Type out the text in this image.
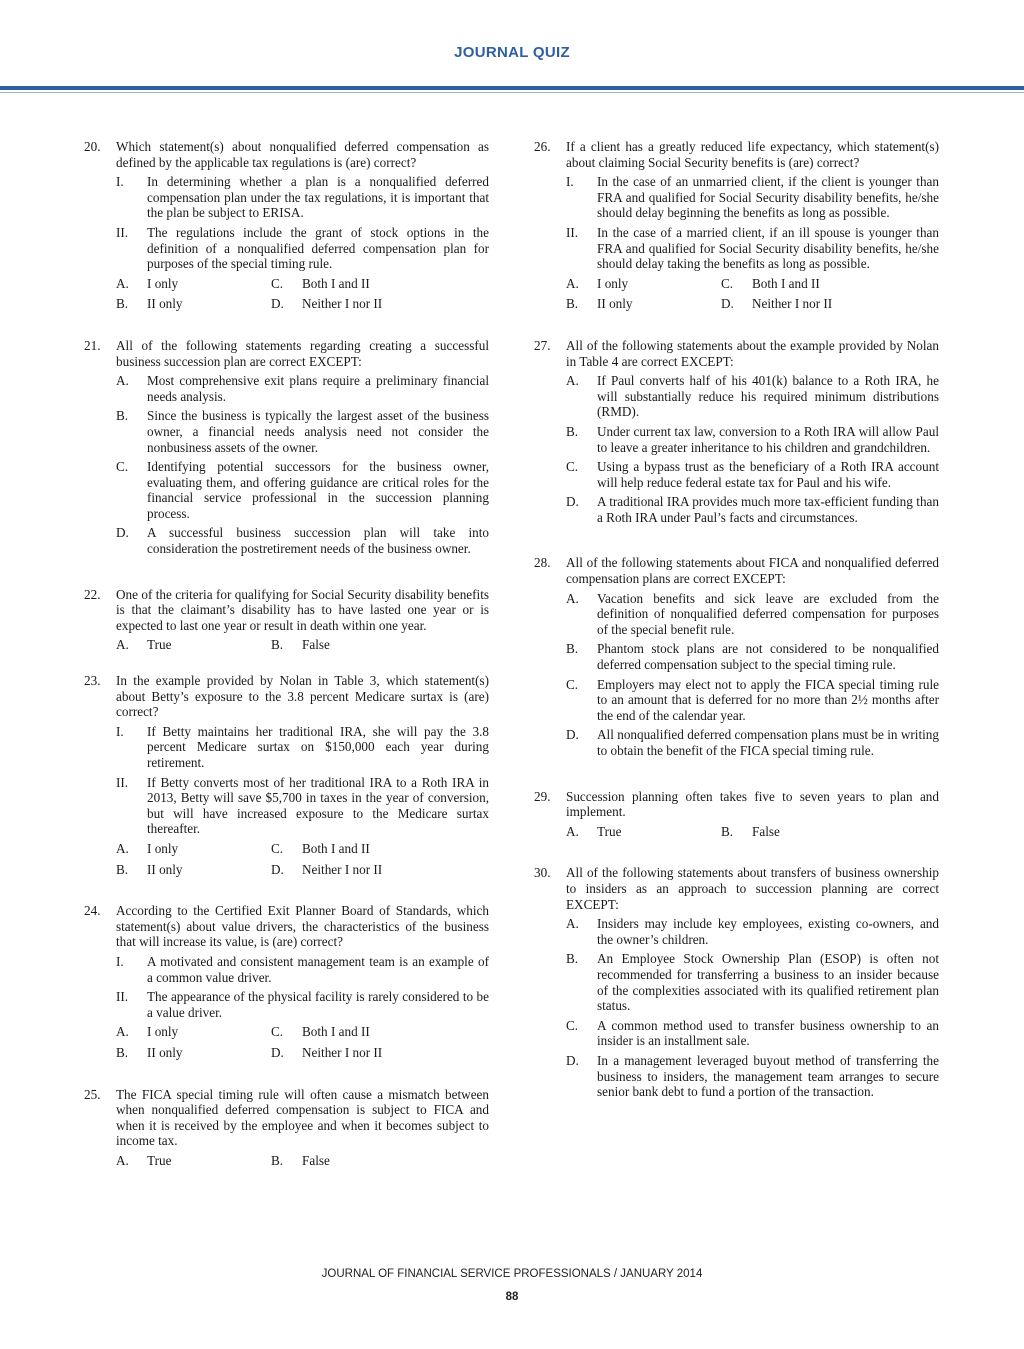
JOURNAL QUIZ
20.	Which statement(s) about nonqualified deferred compensation as defined by the applicable tax regulations is (are) correct?
I.	In determining whether a plan is a nonqualified deferred compensation plan under the tax regulations, it is important that the plan be subject to ERISA.
II.	The regulations include the grant of stock options in the definition of a nonqualified deferred compensation plan for purposes of the special timing rule.
A.	I only	C.	Both I and II
B.	II only	D.	Neither I nor II
21.	All of the following statements regarding creating a successful business succession plan are correct EXCEPT:
A.	Most comprehensive exit plans require a preliminary financial needs analysis.
B.	Since the business is typically the largest asset of the business owner, a financial needs analysis need not consider the nonbusiness assets of the owner.
C.	Identifying potential successors for the business owner, evaluating them, and offering guidance are critical roles for the financial service professional in the succession planning process.
D.	A successful business succession plan will take into consideration the postretirement needs of the business owner.
22.	One of the criteria for qualifying for Social Security disability benefits is that the claimant’s disability has to have lasted one year or is expected to last one year or result in death within one year.
A.	True	B.	False
23.	In the example provided by Nolan in Table 3, which statement(s) about Betty’s exposure to the 3.8 percent Medicare surtax is (are) correct?
I.	If Betty maintains her traditional IRA, she will pay the 3.8 percent Medicare surtax on $150,000 each year during retirement.
II.	If Betty converts most of her traditional IRA to a Roth IRA in 2013, Betty will save $5,700 in taxes in the year of conversion, but will have increased exposure to the Medicare surtax thereafter.
A.	I only	C.	Both I and II
B.	II only	D.	Neither I nor II
24.	According to the Certified Exit Planner Board of Standards, which statement(s) about value drivers, the characteristics of the business that will increase its value, is (are) correct?
I.	A motivated and consistent management team is an example of a common value driver.
II.	The appearance of the physical facility is rarely considered to be a value driver.
A.	I only	C.	Both I and II
B.	II only	D.	Neither I nor II
25.	The FICA special timing rule will often cause a mismatch between when nonqualified deferred compensation is subject to FICA and when it is received by the employee and when it becomes subject to income tax.
A.	True	B.	False
26.	If a client has a greatly reduced life expectancy, which statement(s) about claiming Social Security benefits is (are) correct?
I.	In the case of an unmarried client, if the client is younger than FRA and qualified for Social Security disability benefits, he/she should delay beginning the benefits as long as possible.
II.	In the case of a married client, if an ill spouse is younger than FRA and qualified for Social Security disability benefits, he/she should delay taking the benefits as long as possible.
A.	I only	C.	Both I and II
B.	II only	D.	Neither I nor II
27.	All of the following statements about the example provided by Nolan in Table 4 are correct EXCEPT:
A.	If Paul converts half of his 401(k) balance to a Roth IRA, he will substantially reduce his required minimum distributions (RMD).
B.	Under current tax law, conversion to a Roth IRA will allow Paul to leave a greater inheritance to his children and grandchildren.
C.	Using a bypass trust as the beneficiary of a Roth IRA account will help reduce federal estate tax for Paul and his wife.
D.	A traditional IRA provides much more tax-efficient funding than a Roth IRA under Paul’s facts and circumstances.
28.	All of the following statements about FICA and nonqualified deferred compensation plans are correct EXCEPT:
A.	Vacation benefits and sick leave are excluded from the definition of nonqualified deferred compensation for purposes of the special benefit rule.
B.	Phantom stock plans are not considered to be nonqualified deferred compensation subject to the special timing rule.
C.	Employers may elect not to apply the FICA special timing rule to an amount that is deferred for no more than 2½ months after the end of the calendar year.
D.	All nonqualified deferred compensation plans must be in writing to obtain the benefit of the FICA special timing rule.
29.	Succession planning often takes five to seven years to plan and implement.
A.	True	B.	False
30.	All of the following statements about transfers of business ownership to insiders as an approach to succession planning are correct EXCEPT:
A.	Insiders may include key employees, existing co-owners, and the owner’s children.
B.	An Employee Stock Ownership Plan (ESOP) is often not recommended for transferring a business to an insider because of the complexities associated with its qualified retirement plan status.
C.	A common method used to transfer business ownership to an insider is an installment sale.
D.	In a management leveraged buyout method of transferring the business to insiders, the management team arranges to secure senior bank debt to fund a portion of the transaction.
JOURNAL OF FINANCIAL SERVICE PROFESSIONALS / JANUARY 2014
88
